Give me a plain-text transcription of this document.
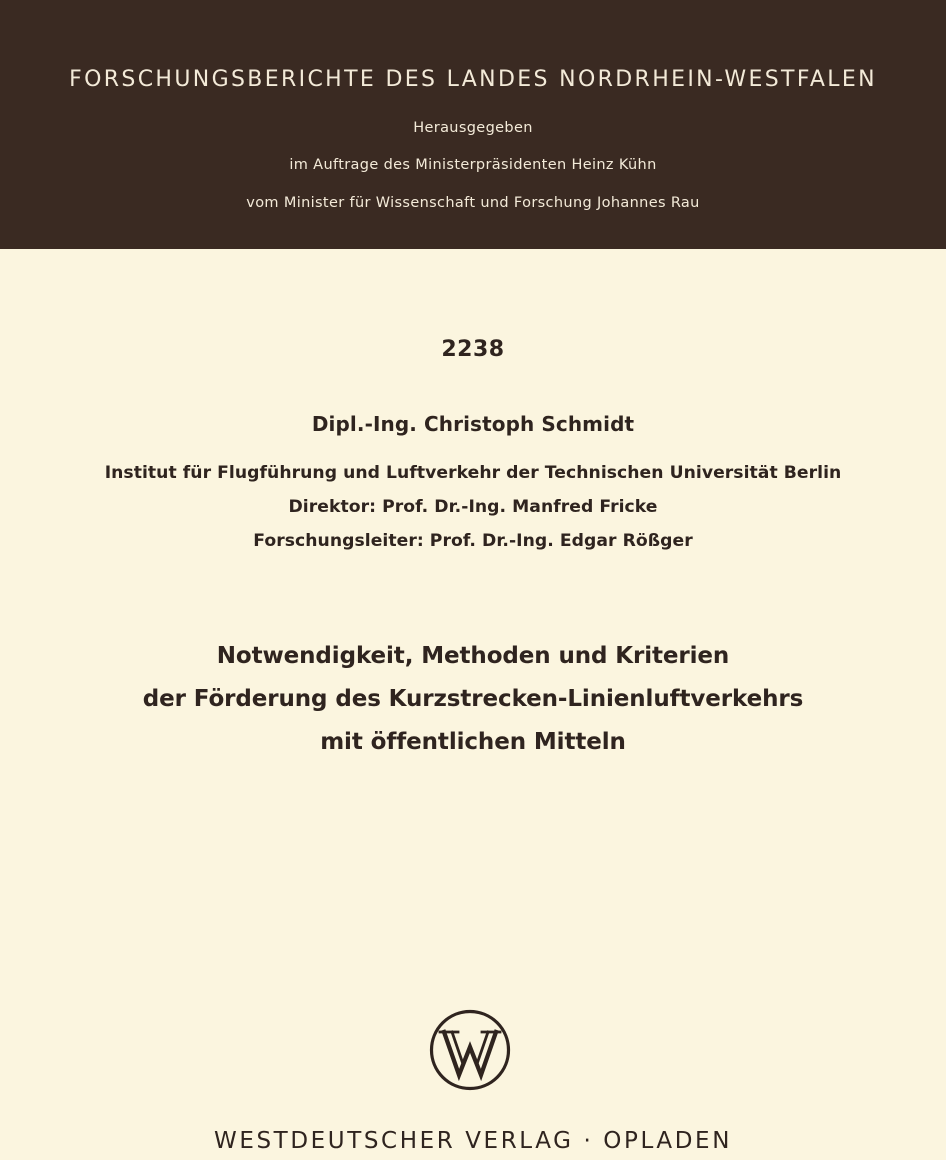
FORSCHUNGSBERICHTE DES LANDES NORDRHEIN-WESTFALEN
Herausgegeben
im Auftrage des Ministerpräsidenten Heinz Kühn
vom Minister für Wissenschaft und Forschung Johannes Rau
2238
Dipl.-Ing. Christoph Schmidt
Institut für Flugführung und Luftverkehr der Technischen Universität Berlin
Direktor: Prof. Dr.-Ing. Manfred Fricke
Forschungsleiter: Prof. Dr.-Ing. Edgar Rößger
Notwendigkeit, Methoden und Kriterien
der Förderung des Kurzstrecken-Linienluftverkehrs
mit öffentlichen Mitteln
WESTDEUTSCHER VERLAG · OPLADEN
